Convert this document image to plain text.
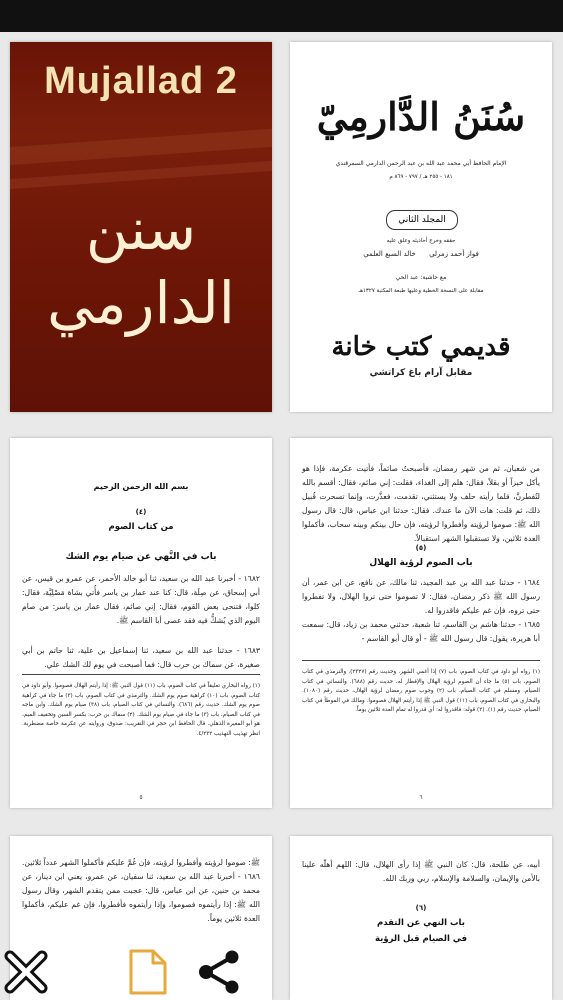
Mujallad 2
سنن
الدارمي
سُنَنُ الدَّارمِيّ
الإمام الحافظ أبي محمد عبد الله بن عبد الرحمن الدارمي السمرقندي
١٨١ - ٢٥٥ هـ / ٧٩٧ - ٨٦٩ م
المجلد الثاني
حققه وخرج أحاديثه وعلق عليه
فواز أحمد زمرلي      خالد السبع العلمي
مع حاشية: عبد الحي
مقابلة على النسخة الخطية وعليها طبعة المكتبة ١٣٢٧هـ
قديمي كتب خانة
مقابل آرام باغ كراتشي
بسم الله الرحمن الرحيم
(٤)
من كتاب الصوم
باب في النَّهي عن صيام يوم الشك
١٦٨٢ - أخبرنا عبد الله بن سعيد، ثنا أبو خالد الأحمر، عن عمرو بن قيس، عن أبي إسحاق، عن صِلَة، قال: كنا عند عمار بن ياسر فأُتي بشاة مَصْلِيَّة، فقال: كلوا، فتنحى بعض القوم، فقال: إني صائم، فقال عمار بن ياسر: من صام اليوم الذي يُشكُّ فيه فقد عصى أبا القاسم ﷺ.
١٦٨٣ - حدثنا عبد الله بن سعيد، ثنا إسماعيل بن علية، ثنا حاتم بن أبي صغيرة، عن سماك بن حرب قال: فما أصبحت في يوم لك الشك علي.
(١) رواه البخاري تعليقاً في كتاب الصوم، باب (١١) قول النبي ﷺ: إذا رأيتم الهلال فصوموا. وأبو داود في كتاب الصوم، باب (١٠) كراهية صوم يوم الشك. والترمذي في كتاب الصوم، باب (٣) ما جاء في كراهية صوم يوم الشك. حديث رقم (٦٨٦). والنسائي في كتاب الصيام، باب (٣٨) صيام يوم الشك. وابن ماجه في كتاب الصيام، باب (٣) ما جاء في صيام يوم الشك. (٢) سماك بن حرب: بكسر السين وتخفيف الميم، هو أبو المغيرة الذهلي. قال الحافظ ابن حجر في التقريب: صدوق، وروايته عن عكرمة خاصة مضطربة. انظر تهذيب التهذيب ٤/٢٣٢.
٥
من شعبان، ثم من شهر رمضان، فأصبحتُ صائماً، فأتيت عكرمة، فإذا هو يأكل خبزاً أو بقلاً، فقال: هلم إلى الغداء، فقلت: إني صائم، فقال: أقسم بالله لتُفطرنَّ، فلما رأيته حلف ولا يستثني، تقدمت، فعذَّرت، وإنما تسحرت قُبيل ذلك، ثم قلت: هات الآن ما عندك. فقال: حدثنا ابن عباس، قال: قال رسول الله ﷺ: صوموا لرؤيته وأفطروا لرؤيته، فإن حال بينكم وبينه سحاب، فأكملوا العدة ثلاثين، ولا تستقبلوا الشهر استقبالاً.
(٥)
باب الصوم لرؤية الهلال
١٦٨٤ - حدثنا عبد الله بن عبد المجيد، ثنا مالك، عن نافع، عن ابن عمر، أن رسول الله ﷺ ذكر رمضان، فقال: لا تصوموا حتى تروا الهلال، ولا تفطروا حتى تروه، فإن غم عليكم فاقدروا له.
١٦٨٥ - حدثنا هاشم بن القاسم، ثنا شعبة، حدثني محمد بن زياد، قال: سمعت أبا هريرة، يقول: قال رسول الله ﷺ - أو قال أبو القاسم -
(١) رواه أبو داود في كتاب الصوم، باب (٧) إذا أغمي الشهر. وحديث رقم (٢٣٢٧). والترمذي في كتاب الصوم، باب (٥) ما جاء أن الصوم لرؤية الهلال والإفطار له، حديث رقم (٦٨٨). والنسائي في كتاب الصيام. ومسلم في كتاب الصيام، باب (٢) وجوب صوم رمضان لرؤية الهلال، حديث رقم (١٠٨٠). والبخاري في كتاب الصوم، باب (١١) قول النبي ﷺ إذا رأيتم الهلال فصوموا. ومالك في الموطأ في كتاب الصيام، حديث رقم (١). (٢) قوله: فاقدروا له: أي قدروا له تمام العدة ثلاثين يوماً.
٦
ﷺ: صوموا لرؤيته وأفطروا لرؤيته، فإن غُمَّ عليكم فأكملوا الشهر عدداً ثلاثين. ١٦٨٦ - أخبرنا عبد الله بن سعيد، ثنا سفيان، عن عمرو، يعني ابن دينار، عن محمد بن حنين، عن ابن عباس، قال: عجبت ممن يتقدم الشهر، وقال رسول الله ﷺ: إذا رأيتموه فصوموا، وإذا رأيتموه فأفطروا، فإن غم عليكم، فأكملوا العدة ثلاثين يوماً.
أبيه، عن طلحة، قال: كان النبي ﷺ إذا رأى الهلال، قال: اللهم أهلّه علينا بالأمن والإيمان، والسلامة والإسلام، ربي وربك الله.
(٦)
باب النهي عن التقدم
في الصيام قبل الرؤية
